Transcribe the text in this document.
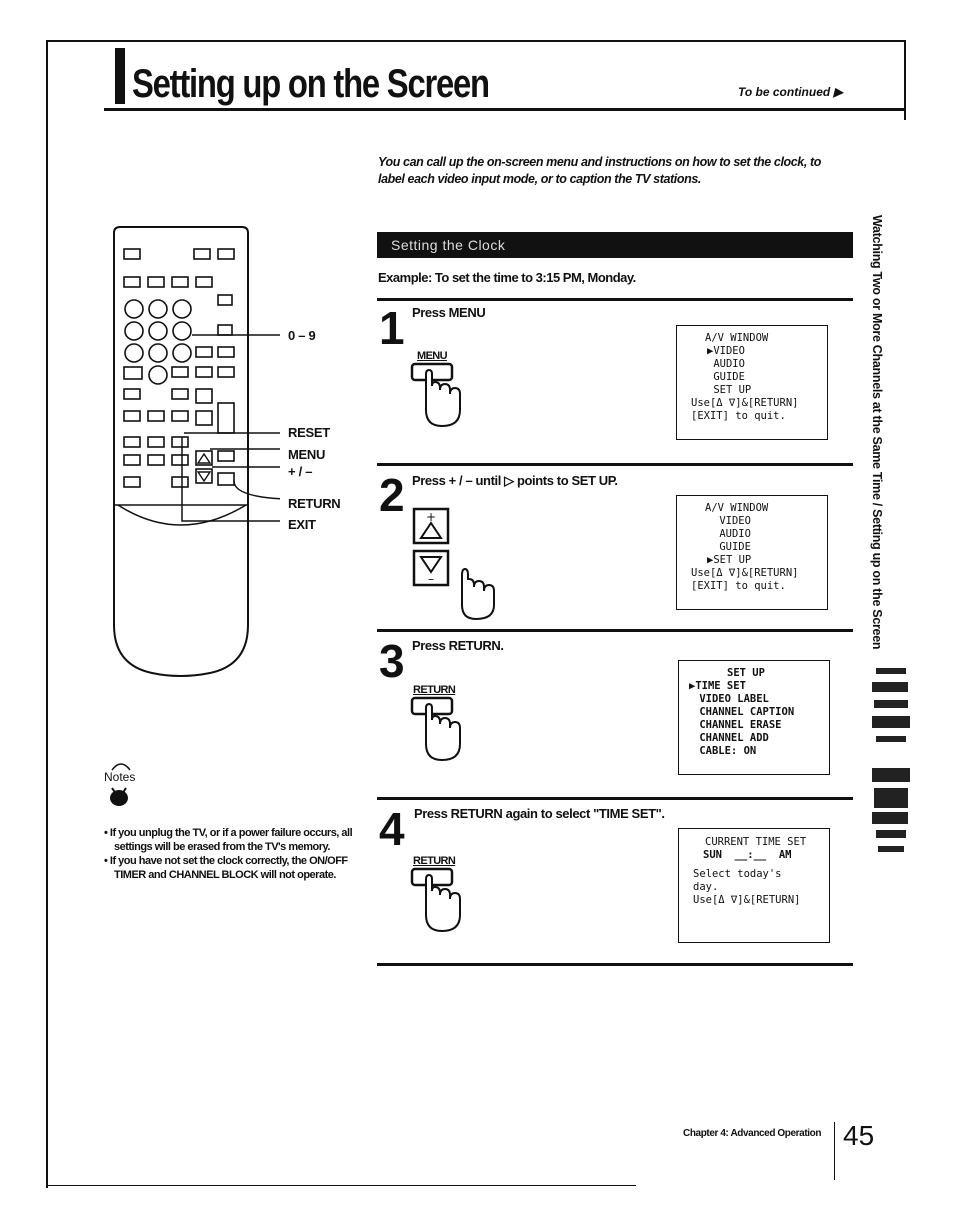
Setting up on the Screen	To be continued ▶
You can call up the on-screen menu and instructions on how to set the clock, to label each video input mode, or to caption the TV stations.
Setting the Clock
Example: To set the time to 3:15 PM, Monday.
1 Press MENU
MENU
A/V WINDOW
▶VIDEO
AUDIO
GUIDE
SET UP
Use[Δ ∇]&[RETURN]
[EXIT] to quit.
2 Press + / – until ▷ points to SET UP.
+
–
A/V WINDOW
VIDEO
AUDIO
GUIDE
▶SET UP
Use[Δ ∇]&[RETURN]
[EXIT] to quit.
3 Press RETURN.
RETURN
SET UP
▶TIME SET
VIDEO LABEL
CHANNEL CAPTION
CHANNEL ERASE
CHANNEL ADD
CABLE: ON
4 Press RETURN again to select "TIME SET".
RETURN
CURRENT TIME SET
SUN  __:__  AM
Select today's
day.
Use[Δ ∇]&[RETURN]
0 – 9
RESET
MENU
+ / –
RETURN
EXIT
Notes

• If you unplug the TV, or if a power failure occurs, all settings will be erased from the TV's memory.

• If you have not set the clock correctly, the ON/OFF TIMER and CHANNEL BLOCK will not operate.

Watching Two or More Channels at the Same Time / Setting up on the Screen
Chapter 4: Advanced Operation 45
